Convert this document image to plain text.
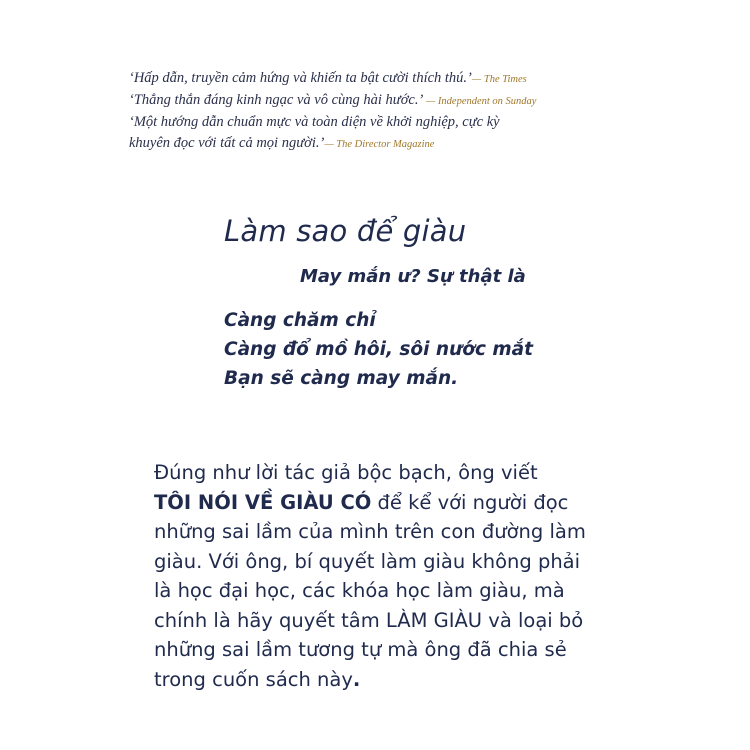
‘Hấp dẫn, truyền cảm hứng và khiến ta bật cười thích thú.’— The Times
‘Thẳng thắn đáng kinh ngạc và vô cùng hài hước.’ — Independent on Sunday
‘Một hướng dẫn chuẩn mực và toàn diện về khởi nghiệp, cực kỳ
khuyên đọc với tất cả mọi người.’— The Director Magazine
Làm sao để giàu
May mắn ư? Sự thật là
Càng chăm chỉ
Càng đổ mồ hôi, sôi nước mắt
Bạn sẽ càng may mắn.
Đúng như lời tác giả bộc bạch, ông viết
TÔI NÓI VỀ GIÀU CÓ để kể với người đọc
những sai lầm của mình trên con đường làm
giàu. Với ông, bí quyết làm giàu không phải
là học đại học, các khóa học làm giàu, mà
chính là hãy quyết tâm LÀM GIÀU và loại bỏ
những sai lầm tương tự mà ông đã chia sẻ
trong cuốn sách này.
